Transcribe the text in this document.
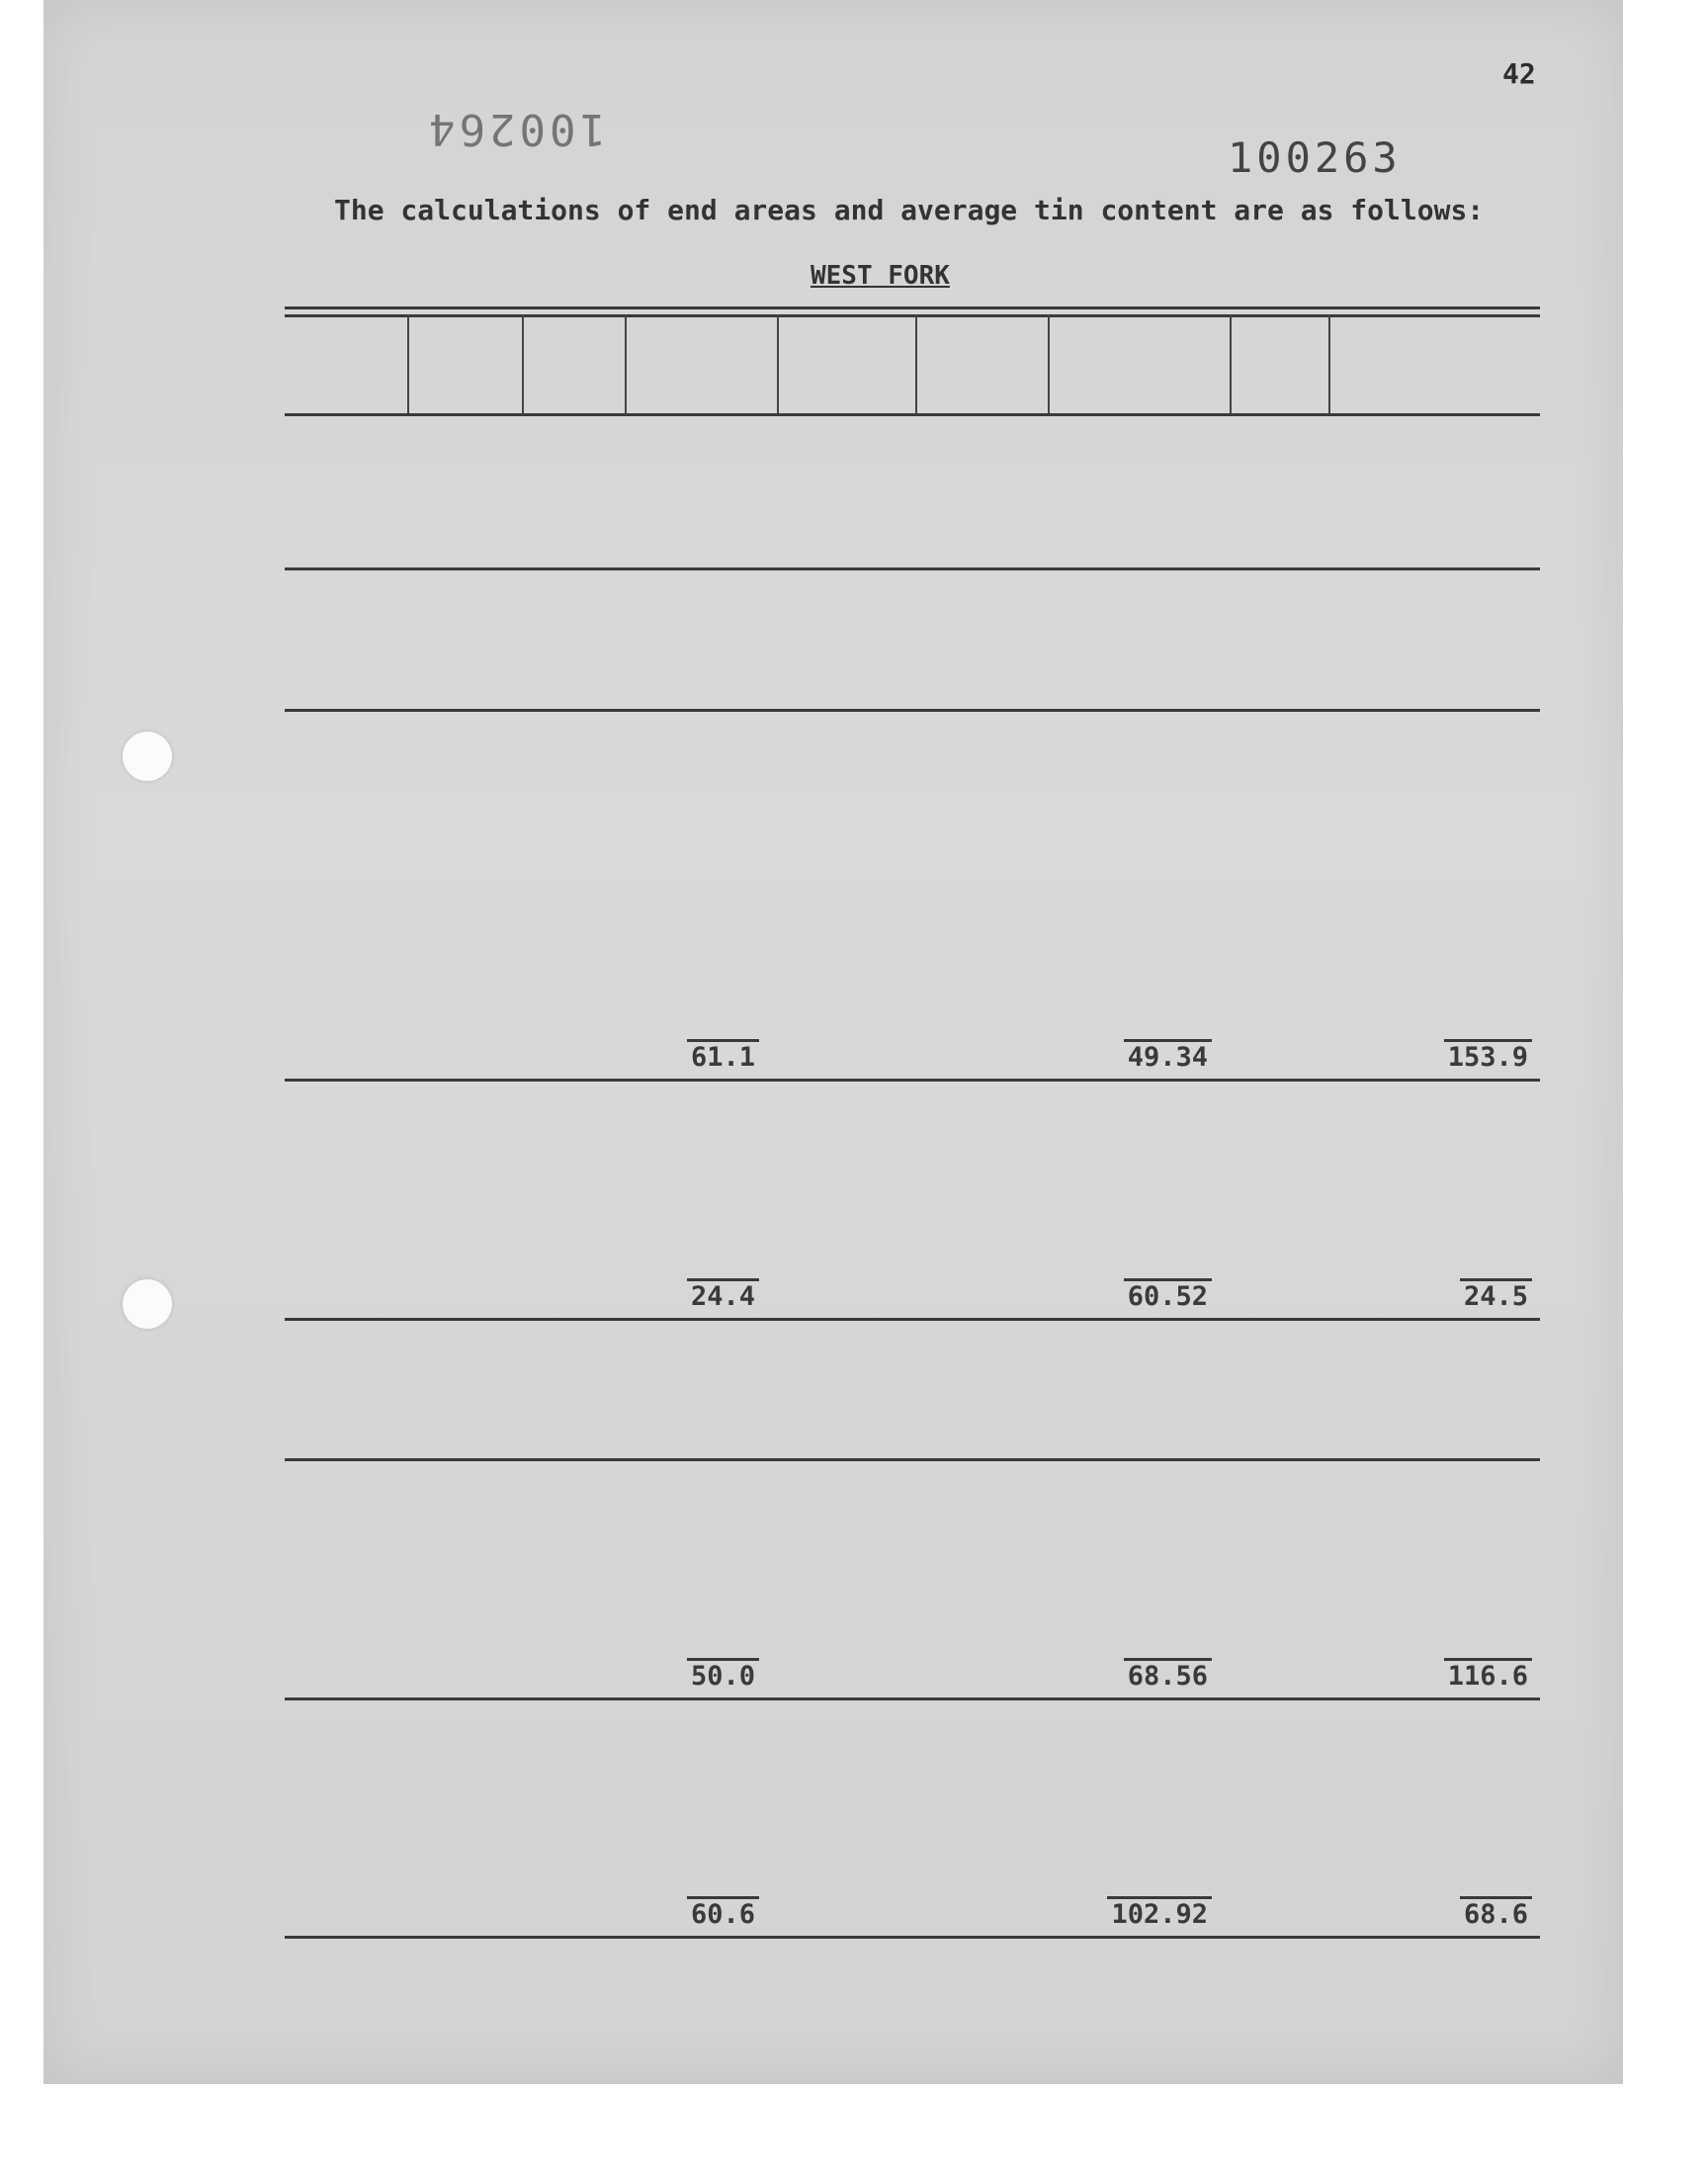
42
100264
100263
The calculations of end areas and average tin content are as follows:
WEST FORK
61.1	49.34	153.9
24.4	60.52	24.5
50.0	68.56	116.6
60.6	102.92	68.6
